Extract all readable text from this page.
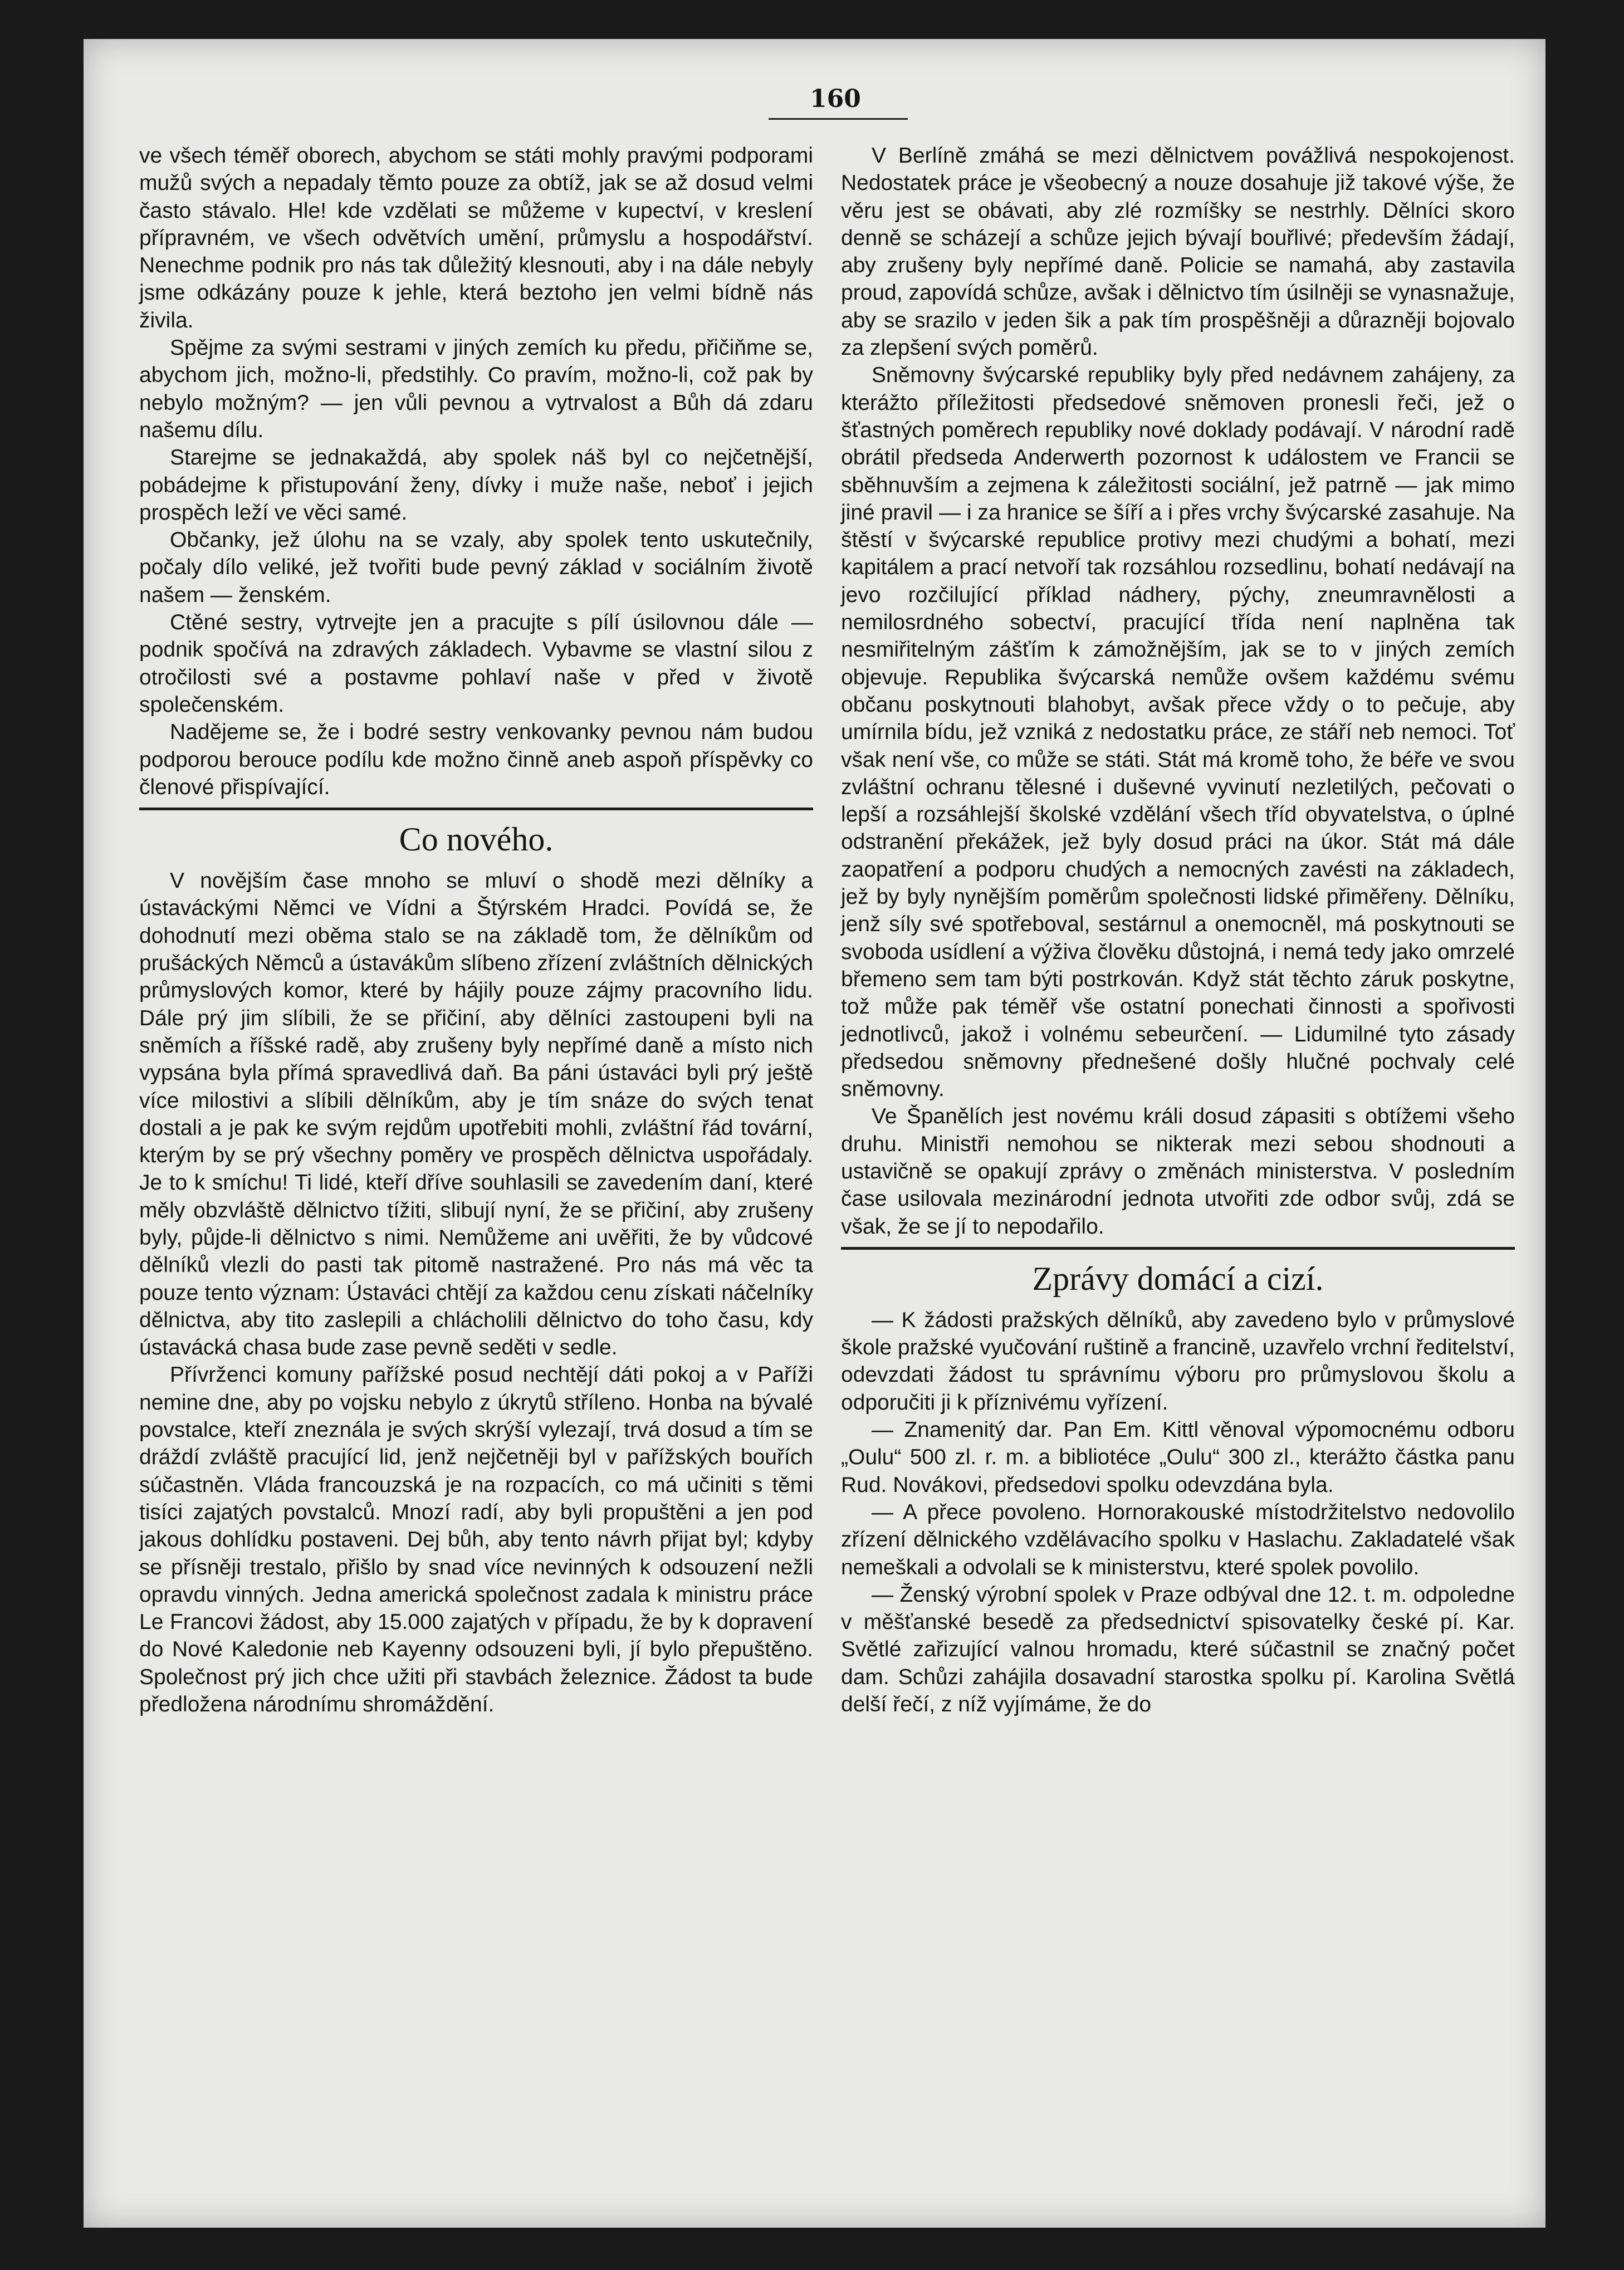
160

ve všech téměř oborech, abychom se státi mohly pravými podporami mužů svých a nepadaly těmto pouze za obtíž, jak se až dosud velmi často stávalo. Hle! kde vzdělati se můžeme v kupectví, v kreslení přípravném, ve všech odvětvích umění, průmyslu a hospodářství. Nenechme podnik pro nás tak důležitý klesnouti, aby i na dále nebyly jsme odkázány pouze k jehle, která beztoho jen velmi bídně nás živila.

Spějme za svými sestrami v jiných zemích ku předu, přičiňme se, abychom jich, možno-li, předstihly. Co pravím, možno-li, což pak by nebylo možným? — jen vůli pevnou a vytrvalost a Bůh dá zdaru našemu dílu.

Starejme se jednakaždá, aby spolek náš byl co nejčetnější, pobádejme k přistupování ženy, dívky i muže naše, neboť i jejich prospěch leží ve věci samé.

Občanky, jež úlohu na se vzaly, aby spolek tento uskutečnily, počaly dílo veliké, jež tvořiti bude pevný základ v sociálním životě našem — ženském.

Ctěné sestry, vytrvejte jen a pracujte s pílí úsilovnou dále — podnik spočívá na zdravých základech. Vybavme se vlastní silou z otročilosti své a postavme pohlaví naše v před v životě společenském.

Nadějeme se, že i bodré sestry venkovanky pevnou nám budou podporou beroucе podílu kde možno činně aneb aspoň příspěvky co členové přispívající.

Co nového.

V novějším čase mnoho se mluví o shodě mezi dělníky a ústaváckými Němci ve Vídni a Štýrském Hradci. Povídá se, že dohodnutí mezi oběma stalo se na základě tom, že dělníkům od prušáckých Němců a ústavákům slíbeno zřízení zvláštních dělnických průmyslových komor, které by hájily pouze zájmy pracovního lidu. Dále prý jim slíbili, že se přičiní, aby dělníci zastoupeni byli na sněmích a říšské radě, aby zrušeny byly nepřímé daně a místo nich vypsána byla přímá spravedlivá daň. Ba páni ústaváci byli prý ještě více milostivi a slíbili dělníkům, aby je tím snáze do svých tenat dostali a je pak ke svým rejdům upotřebiti mohli, zvláštní řád tovární, kterým by se prý všechny poměry ve prospěch dělnictva uspořádaly. Je to k smíchu! Ti lidé, kteří dříve souhlasili se zavedením daní, které měly obzvláště dělnictvo tížiti, slibují nyní, že se přičiní, aby zrušeny byly, půjde-li dělnictvo s nimi. Nemůžeme ani uvěřiti, že by vůdcové dělníků vlezli do pasti tak pitomě nastražené. Pro nás má věc ta pouze tento význam: Ústaváci chtějí za každou cenu získati náčelníky dělnictva, aby tito zaslepili a chlácholili dělnictvo do toho času, kdy ústavácká chasa bude zase pevně seděti v sedle.

Přívrženci komuny pařížské posud nechtějí dáti pokoj a v Paříži nemine dne, aby po vojsku nebylo z úkrytů stříleno. Honba na bývalé povstalce, kteří zneznála je svých skrýší vylezají, trvá dosud a tím se dráždí zvláště pracující lid, jenž nejčetněji byl v pařížských bouřích súčastněn. Vláda francouzská je na rozpacích, co má učiniti s těmi tisíci zajatých povstalců. Mnozí radí, aby byli propuštěni a jen pod jakous dohlídku postaveni. Dej bůh, aby tento návrh přijat byl; kdyby se přísněji trestalo, přišlo by snad více nevinných k odsouzení nežli opravdu vinných. Jedna americká společnost zadala k ministru práce Le Francovi žádost, aby 15.000 zajatých v případu, že by k dopravení do Nové Kaledonie neb Kayenny odsouzeni byli, jí bylo přepuštěno. Společnost prý jich chce užiti při stavbách železnice. Žádost ta bude předložena národnímu shromáždění.

V Berlíně zmáhá se mezi dělnictvem povážlivá nespokojenost. Nedostatek práce je všeobecný a nouze dosahuje již takové výše, že věru jest se obávati, aby zlé rozmíšky se nestrhly. Dělníci skoro denně se scházejí a schůze jejich bývají bouřlivé; především žádají, aby zrušeny byly nepřímé daně. Policie se namahá, aby zastavila proud, zapovídá schůze, avšak i dělnictvo tím úsilněji se vynasnažuje, aby se srazilo v jeden šik a pak tím prospěšněji a důrazněji bojovalo za zlepšení svých poměrů.

Sněmovny švýcarské republiky byly před nedávnem zahájeny, za kterážto příležitosti předsedové sněmoven pronesli řeči, jež o šťastných poměrech republiky nové doklady podávají. V národní radě obrátil předseda Anderwerth pozornost k událostem ve Francii se sběhnuvším a zejmena k záležitosti sociální, jež patrně — jak mimo jiné pravil — i za hranice se šíří a i přes vrchy švýcarské zasahuje. Na štěstí v švýcarské republice protivy mezi chudými a bohatí, mezi kapitálem a prací netvoří tak rozsáhlou rozsedlinu, bohatí nedávají na jevo rozčilující příklad nádhery, pýchy, zneumravnělosti a nemilosrdného sobectví, pracující třída není naplněna tak nesmiřitelným zášťím k zámožnějším, jak se to v jiných zemích objevuje. Republika švýcarská nemůže ovšem každému svému občanu poskytnouti blahobyt, avšak přece vždy o to pečuje, aby umírnila bídu, jež vzniká z nedostatku práce, ze stáří neb nemoci. Toť však není vše, co může se státi. Stát má kromě toho, že béře ve svou zvláštní ochranu tělesné i duševné vyvinutí nezletilých, pečovati o lepší a rozsáhlejší školské vzdělání všech tříd obyvatelstva, o úplné odstranění překážek, jež byly dosud práci na úkor. Stát má dále zaopatření a podporu chudých a nemocných zavésti na základech, jež by byly nynějším poměrům společnosti lidské přiměřeny. Dělníku, jenž síly své spotřeboval, sestárnul a onemocněl, má poskytnouti se svoboda usídlení a výživa člověku důstojná, i nemá tedy jako omrzelé břemeno sem tam býti postrkován. Když stát těchto záruk poskytne, tož může pak téměř vše ostatní ponechati činnosti a spořivosti jednotlivců, jakož i volnému sebeurčení. — Lidumilné tyto zásady předsedou sněmovny přednešené došly hlučné pochvaly celé sněmovny.

Ve Španělích jest novému králi dosud zápasiti s obtížemi všeho druhu. Ministři nemohou se nikterak mezi sebou shodnouti a ustavičně se opakují zprávy o změnách ministerstva. V posledním čase usilovala mezinárodní jednota utvořiti zde odbor svůj, zdá se však, že se jí to nepodařilo.

Zprávy domácí a cizí.

— K žádosti pražských dělníků, aby zavedeno bylo v průmyslové škole pražské vyučování ruštině a francině, uzavřelo vrchní ředitelství, odevzdati žádost tu správnímu výboru pro průmyslovou školu a odporučiti ji k příznivému vyřízení.

— Znamenitý dar. Pan Em. Kittl věnoval výpomocnému odboru „Oulu“ 500 zl. r. m. a bibliotéce „Oulu“ 300 zl., kterážto částka panu Rud. Novákovi, předsedovi spolku odevzdána byla.

— A přece povoleno. Hornorakouské místodržitelstvo nedovolilo zřízení dělnického vzdělávacího spolku v Haslachu. Zakladatelé však nemeškali a odvolali se k ministerstvu, které spolek povolilo.

— Ženský výrobní spolek v Praze odbýval dne 12. t. m. odpoledne v měšťanské besedě za předsednictví spisovatelky české pí. Kar. Světlé zařizující valnou hromadu, které súčastnil se značný počet dam. Schůzi zahájila dosavadní starostka spolku pí. Karolina Světlá delší řečí, z níž vyjímáme, že do
